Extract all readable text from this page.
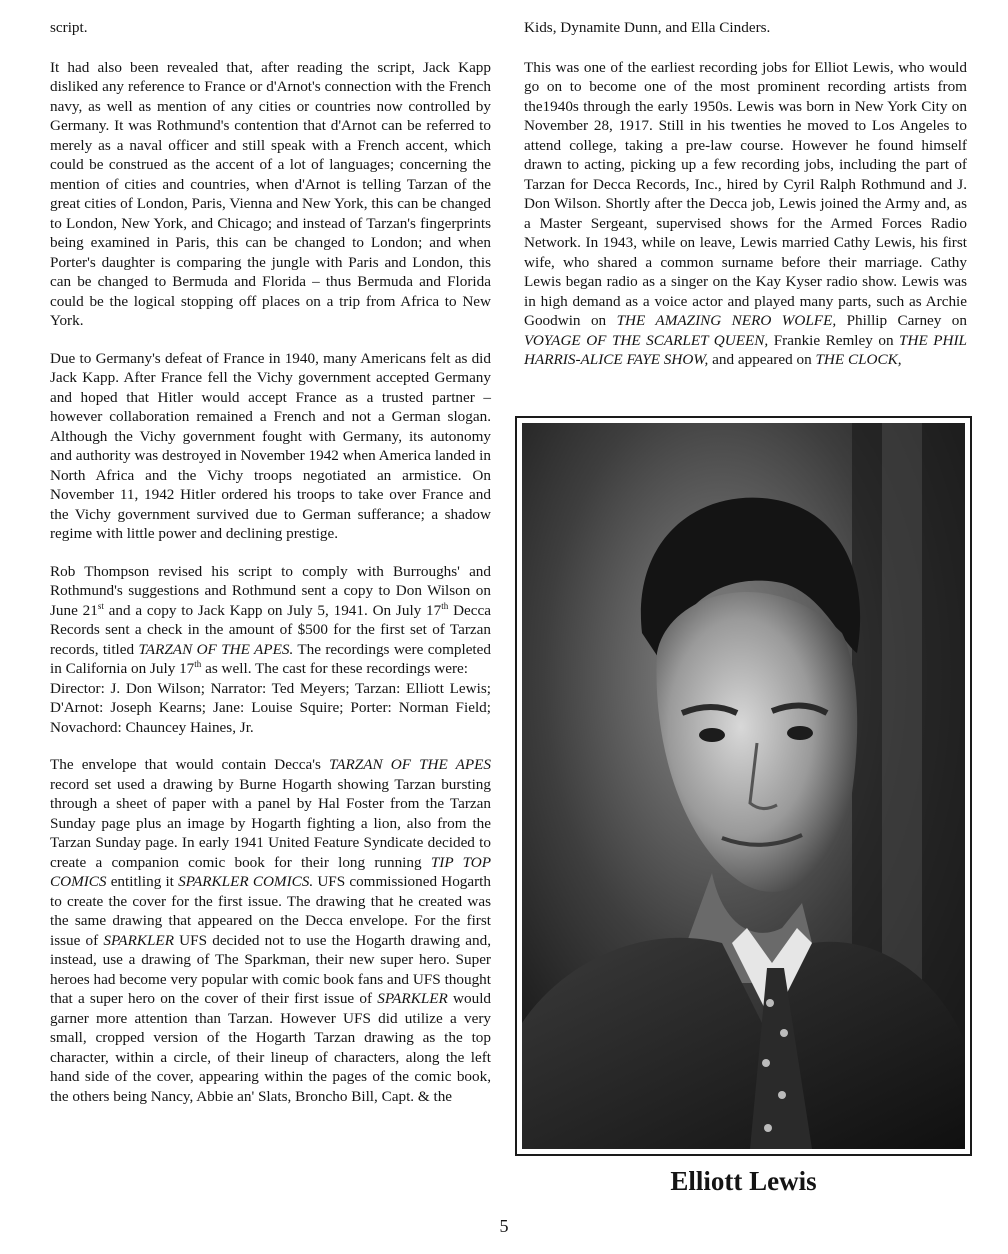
script.

It had also been revealed that, after reading the script, Jack Kapp disliked any reference to France or d'Arnot's connection with the French navy, as well as mention of any cities or countries now controlled by Germany. It was Rothmund's contention that d'Arnot can be referred to merely as a naval officer and still speak with a French accent, which could be construed as the accent of a lot of languages; concerning the mention of cities and countries, when d'Arnot is telling Tarzan of the great cities of London, Paris, Vienna and New York, this can be changed to London, New York, and Chicago; and instead of Tarzan's fingerprints being examined in Paris, this can be changed to London; and when Porter's daughter is comparing the jungle with Paris and London, this can be changed to Bermuda and Florida – thus Bermuda and Florida could be the logical stopping off places on a trip from Africa to New York.

Due to Germany's defeat of France in 1940, many Americans felt as did Jack Kapp. After France fell the Vichy government accepted Germany and hoped that Hitler would accept France as a trusted partner – however collaboration remained a French and not a German slogan. Although the Vichy government fought with Germany, its autonomy and authority was destroyed in November 1942 when America landed in North Africa and the Vichy troops negotiated an armistice. On November 11, 1942 Hitler ordered his troops to take over France and the Vichy government survived due to German sufferance; a shadow regime with little power and declining prestige.

Rob Thompson revised his script to comply with Burroughs' and Rothmund's suggestions and Rothmund sent a copy to Don Wilson on June 21st and a copy to Jack Kapp on July 5, 1941. On July 17th Decca Records sent a check in the amount of $500 for the first set of Tarzan records, titled TARZAN OF THE APES. The recordings were completed in California on July 17th as well. The cast for these recordings were:

Director: J. Don Wilson; Narrator: Ted Meyers; Tarzan: Elliott Lewis; D'Arnot: Joseph Kearns; Jane: Louise Squire; Porter: Norman Field; Novachord: Chauncey Haines, Jr.

The envelope that would contain Decca's TARZAN OF THE APES record set used a drawing by Burne Hogarth showing Tarzan bursting through a sheet of paper with a panel by Hal Foster from the Tarzan Sunday page plus an image by Hogarth fighting a lion, also from the Tarzan Sunday page. In early 1941 United Feature Syndicate decided to create a companion comic book for their long running TIP TOP COMICS entitling it SPARKLER COMICS. UFS commissioned Hogarth to create the cover for the first issue. The drawing that he created was the same drawing that appeared on the Decca envelope. For the first issue of SPARKLER UFS decided not to use the Hogarth drawing and, instead, use a drawing of The Sparkman, their new super hero. Super heroes had become very popular with comic book fans and UFS thought that a super hero on the cover of their first issue of SPARKLER would garner more attention than Tarzan. However UFS did utilize a very small, cropped version of the Hogarth Tarzan drawing as the top character, within a circle, of their lineup of characters, along the left hand side of the cover, appearing within the pages of the comic book, the others being Nancy, Abbie an' Slats, Broncho Bill, Capt. & the

Kids, Dynamite Dunn, and Ella Cinders.

This was one of the earliest recording jobs for Elliot Lewis, who would go on to become one of the most prominent recording artists from the1940s through the early 1950s. Lewis was born in New York City on November 28, 1917. Still in his twenties he moved to Los Angeles to attend college, taking a pre-law course. However he found himself drawn to acting, picking up a few recording jobs, including the part of Tarzan for Decca Records, Inc., hired by Cyril Ralph Rothmund and J. Don Wilson. Shortly after the Decca job, Lewis joined the Army and, as a Master Sergeant, supervised shows for the Armed Forces Radio Network. In 1943, while on leave, Lewis married Cathy Lewis, his first wife, who shared a common surname before their marriage. Cathy Lewis began radio as a singer on the Kay Kyser radio show. Lewis was in high demand as a voice actor and played many parts, such as Archie Goodwin on THE AMAZING NERO WOLFE, Phillip Carney on VOYAGE OF THE SCARLET QUEEN, Frankie Remley on THE PHIL HARRIS-ALICE FAYE SHOW, and appeared on THE CLOCK,

Elliott Lewis
5
